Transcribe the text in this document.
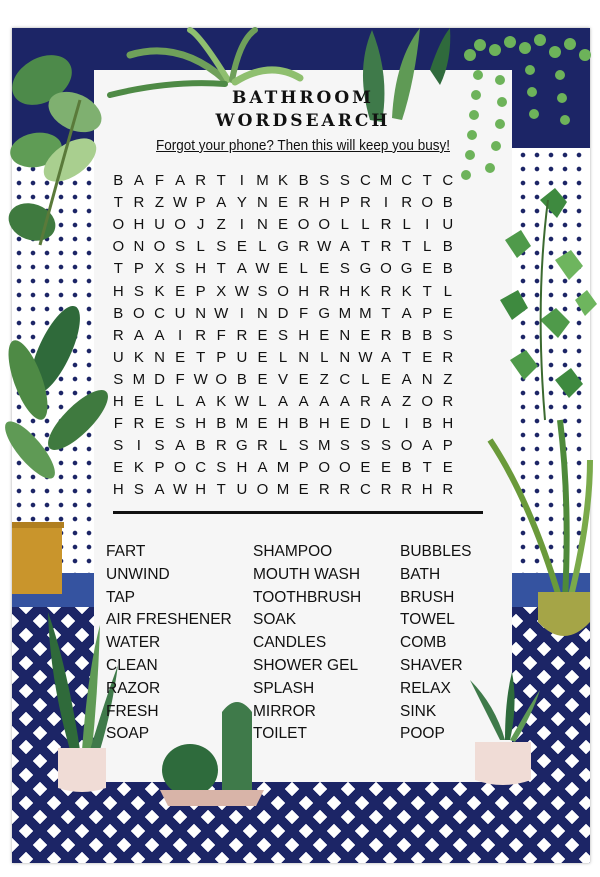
BATHROOM
WORDSEARCH
Forgot your phone? Then this will keep you busy!
B A F A R T I M K B S S C M C T C
T R Z W P A Y N E R H P R I R O B
O H U O J Z I N E O O L L R L I U
O N O S L S E L G R W A T R T L B
T P X S H T A W E L E S G O G E B
H S K E P X W S O H R H K R K T L
B O C U N W I N D F G M M T A P E
R A A I R F R E S H E N E R B B S
U K N E T P U E L N L N W A T E R
S M D F W O B E V E Z C L E A N Z
H E L L A K W L A A A A R A Z O R
F R E S H B M E H B H E D L I B H
S I S A B R G R L S M S S S O A P
E K P O C S H A M P O O E E B T E
H S A W H T U O M E R R C R R H R
FART
UNWIND
TAP
AIR FRESHENER
WATER
CLEAN
RAZOR
FRESH
SOAP
SHAMPOO
MOUTH WASH
TOOTHBRUSH
SOAK
CANDLES
SHOWER GEL
SPLASH
MIRROR
TOILET
BUBBLES
BATH
BRUSH
TOWEL
COMB
SHAVER
RELAX
SINK
POOP
